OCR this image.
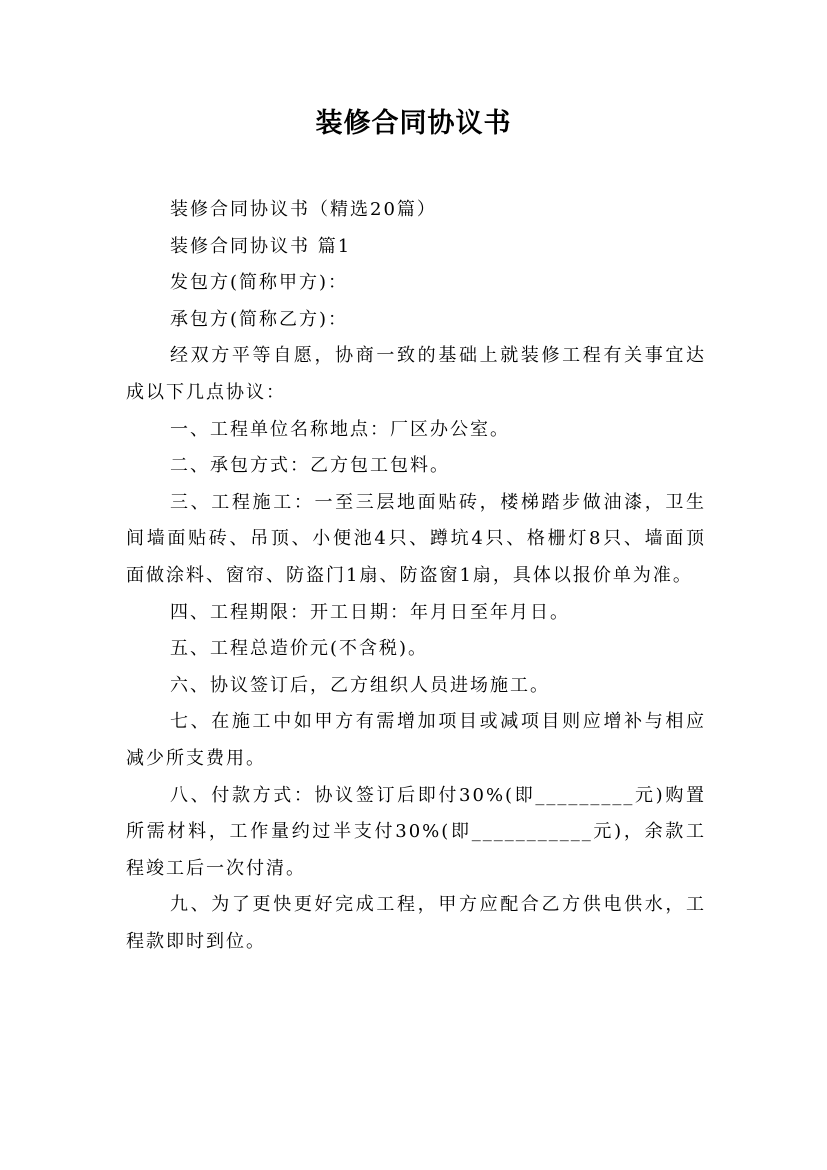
装修合同协议书

装修合同协议书（精选20篇）

装修合同协议书 篇1

发包方(简称甲方)：

承包方(简称乙方)：

经双方平等自愿，协商一致的基础上就装修工程有关事宜达成以下几点协议：

一、工程单位名称地点：厂区办公室。

二、承包方式：乙方包工包料。

三、工程施工：一至三层地面贴砖，楼梯踏步做油漆，卫生间墙面贴砖、吊顶、小便池4只、蹲坑4只、格栅灯8只、墙面顶面做涂料、窗帘、防盗门1扇、防盗窗1扇，具体以报价单为准。

四、工程期限：开工日期：年月日至年月日。

五、工程总造价元(不含税)。

六、协议签订后，乙方组织人员进场施工。

七、在施工中如甲方有需增加项目或减项目则应增补与相应减少所支费用。

八、付款方式：协议签订后即付30%(即_________元)购置所需材料，工作量约过半支付30%(即___________元)，余款工程竣工后一次付清。

九、为了更快更好完成工程，甲方应配合乙方供电供水，工程款即时到位。
